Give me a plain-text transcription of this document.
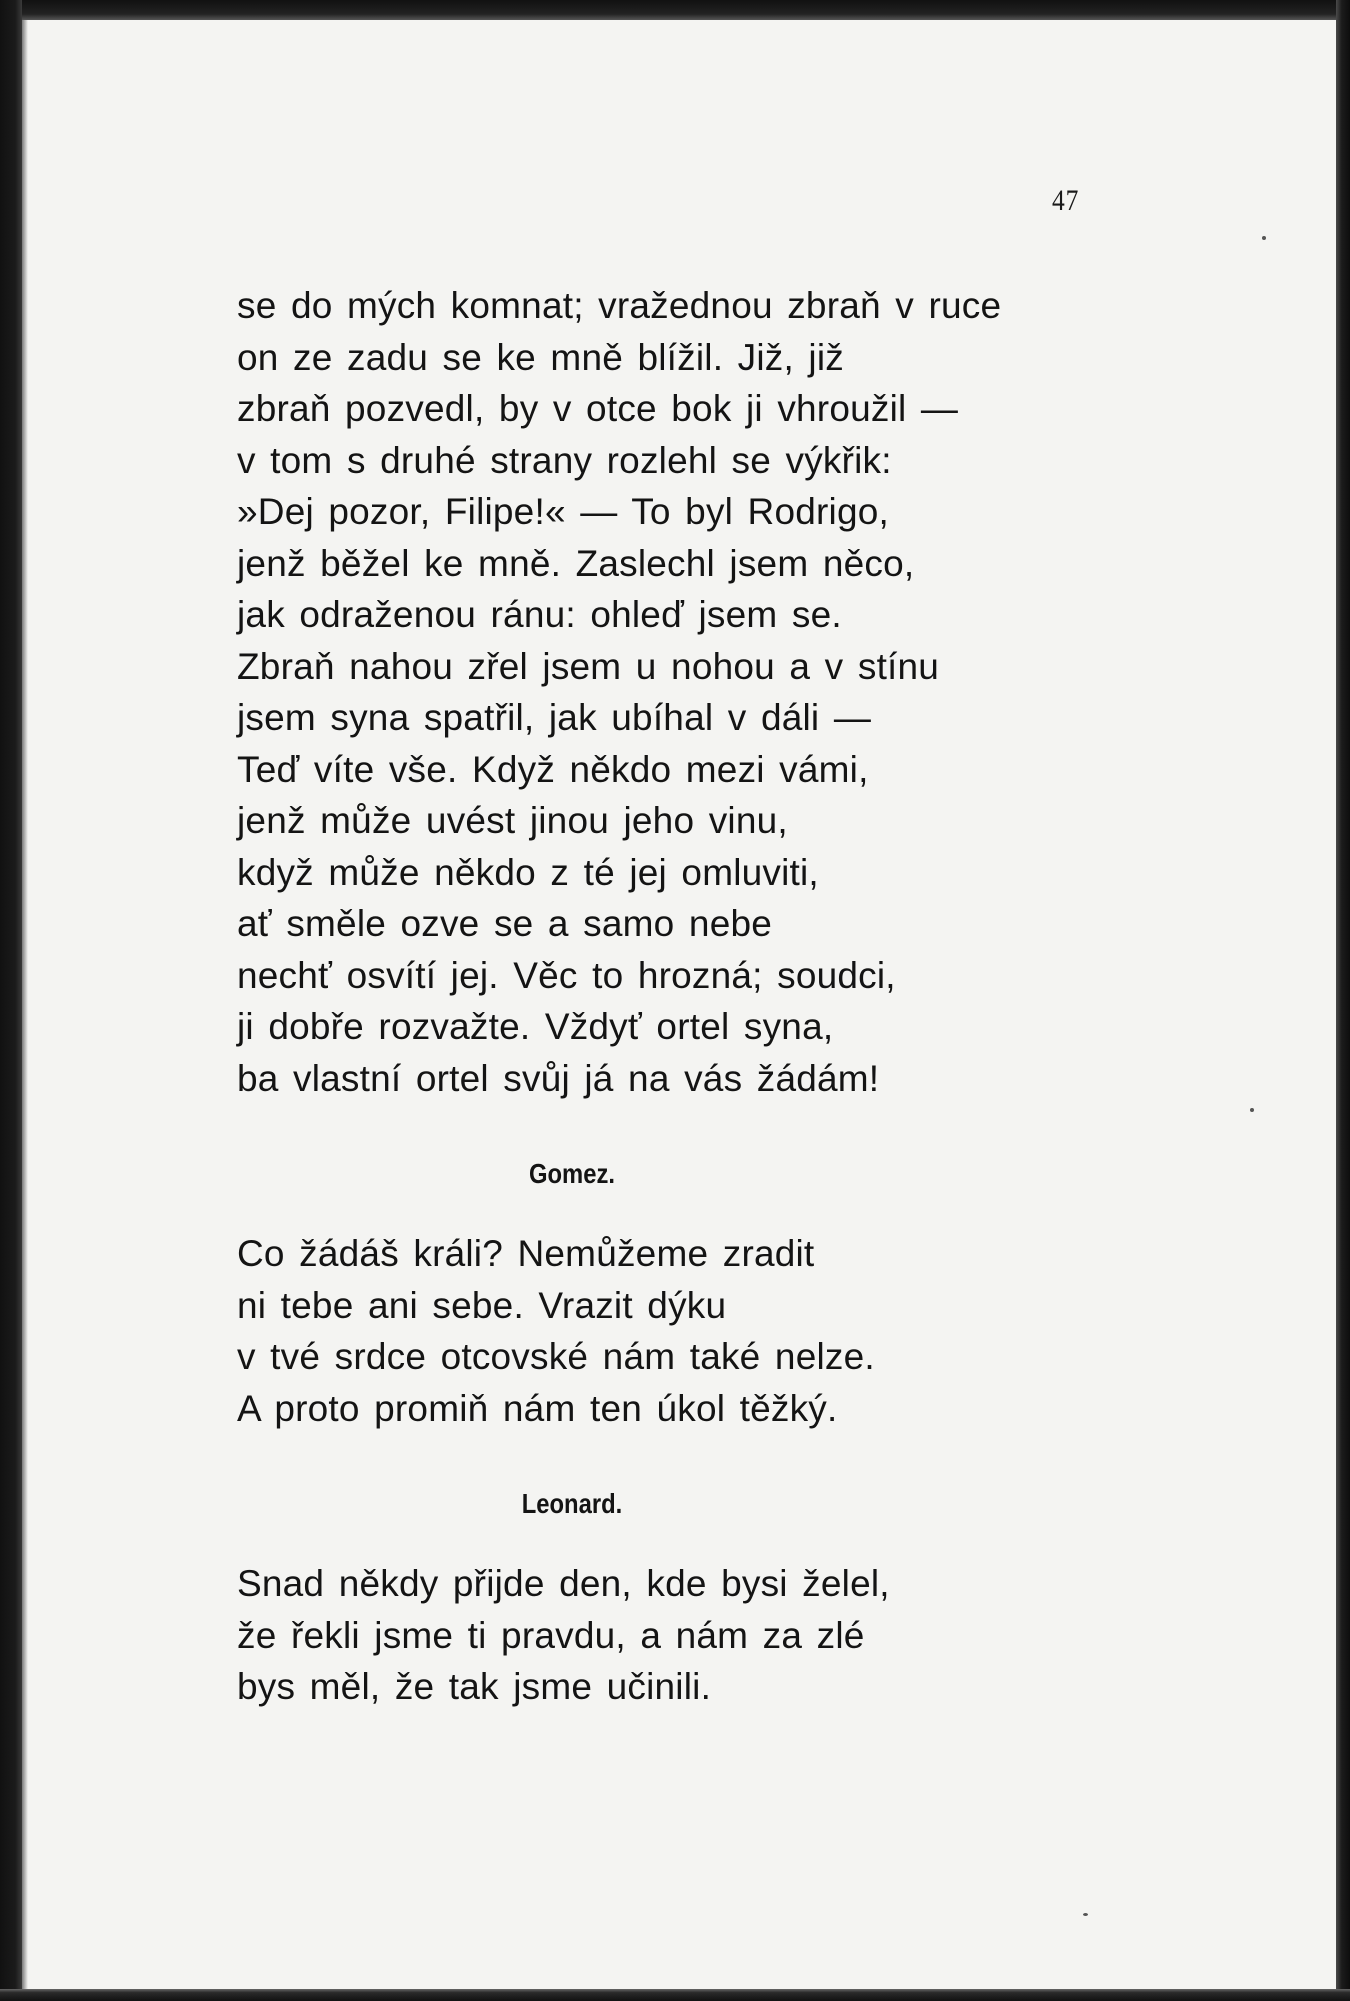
47
se do mých komnat; vražednou zbraň v ruce
on ze zadu se ke mně blížil. Již, již
zbraň pozvedl, by v otce bok ji vhroužil —
v tom s druhé strany rozlehl se výkřik:
»Dej pozor, Filipe!« — To byl Rodrigo,
jenž běžel ke mně. Zaslechl jsem něco,
jak odraženou ránu: ohleď jsem se.
Zbraň nahou zřel jsem u nohou a v stínu
jsem syna spatřil, jak ubíhal v dáli —
Teď víte vše. Když někdo mezi vámi,
jenž může uvést jinou jeho vinu,
když může někdo z té jej omluviti,
ať směle ozve se a samo nebe
nechť osvítí jej. Věc to hrozná; soudci,
ji dobře rozvažte. Vždyť ortel syna,
ba vlastní ortel svůj já na vás žádám!
Gomez.
Co žádáš králi? Nemůžeme zradit
ni tebe ani sebe. Vrazit dýku
v tvé srdce otcovské nám také nelze.
A proto promiň nám ten úkol těžký.
Leonard.
Snad někdy přijde den, kde bysi želel,
že řekli jsme ti pravdu, a nám za zlé
bys měl, že tak jsme učinili.
